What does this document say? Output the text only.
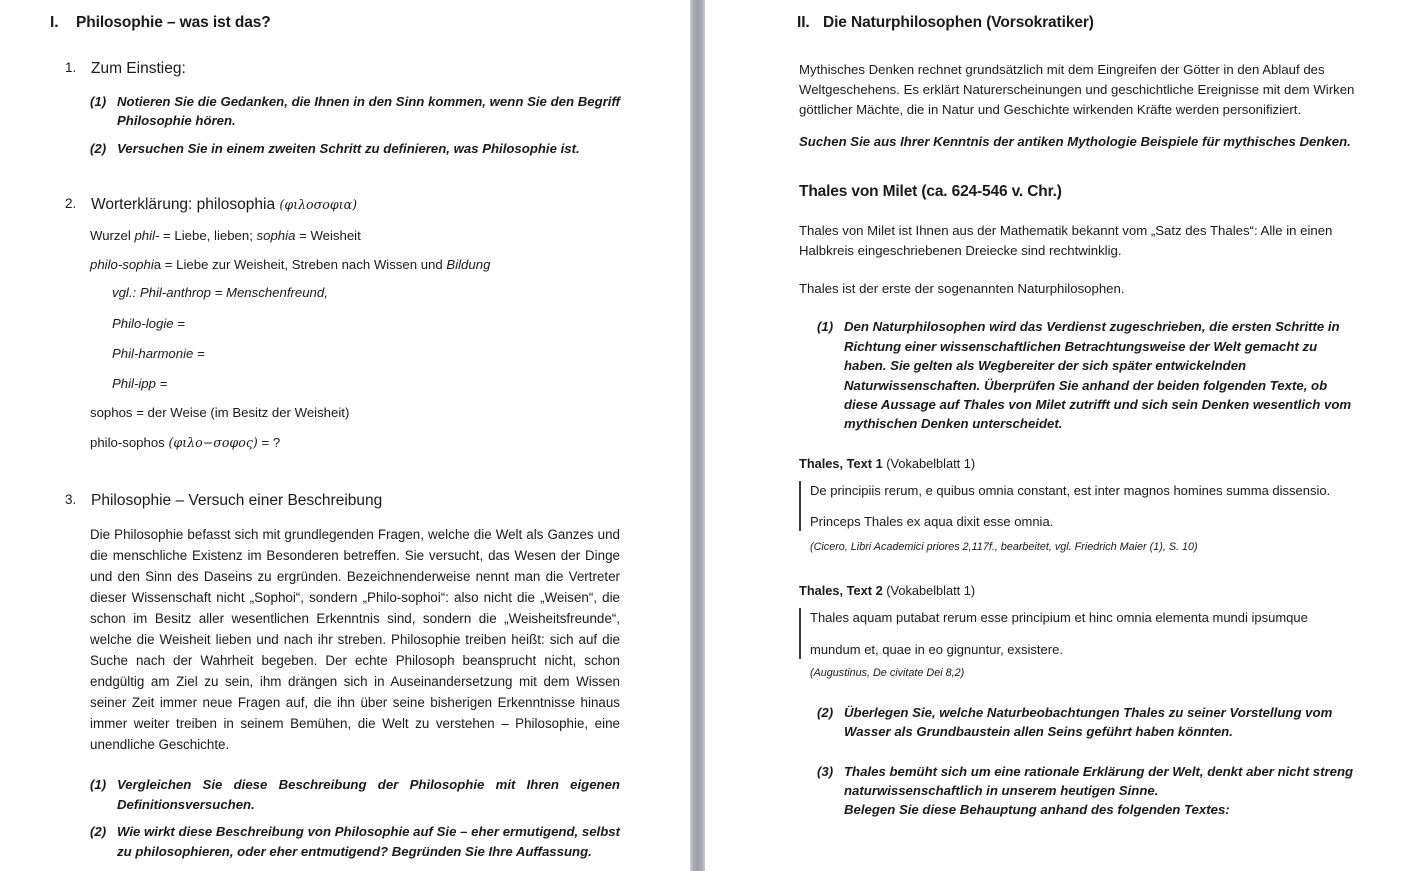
I. Philosophie – was ist das?
1. Zum Einstieg:
(1) Notieren Sie die Gedanken, die Ihnen in den Sinn kommen, wenn Sie den Begriff Philosophie hören.
(2) Versuchen Sie in einem zweiten Schritt zu definieren, was Philosophie ist.
2. Worterklärung: philosophia (φιλοσοφια)
Wurzel phil- = Liebe, lieben; sophia = Weisheit
philo-sophia = Liebe zur Weisheit, Streben nach Wissen und Bildung
vgl.: Phil-anthrop = Menschenfreund,
Philo-logie =
Phil-harmonie =
Phil-ipp =
sophos = der Weise (im Besitz der Weisheit)
philo-sophos (φιλο−σοφος) = ?
3. Philosophie – Versuch einer Beschreibung
Die Philosophie befasst sich mit grundlegenden Fragen, welche die Welt als Ganzes und die menschliche Existenz im Besonderen betreffen. Sie versucht, das Wesen der Dinge und den Sinn des Daseins zu ergründen. Bezeichnenderweise nennt man die Vertreter dieser Wissenschaft nicht „Sophoi“, sondern „Philo-sophoi“: also nicht die „Weisen“, die schon im Besitz aller wesentlichen Erkenntnis sind, sondern die „Weisheitsfreunde“, welche die Weisheit lieben und nach ihr streben. Philosophie treiben heißt: sich auf die Suche nach der Wahrheit begeben. Der echte Philosoph beansprucht nicht, schon endgültig am Ziel zu sein, ihm drängen sich in Auseinandersetzung mit dem Wissen seiner Zeit immer neue Fragen auf, die ihn über seine bisherigen Erkenntnisse hinaus immer weiter treiben in seinem Bemühen, die Welt zu verstehen – Philosophie, eine unendliche Geschichte.
(1) Vergleichen Sie diese Beschreibung der Philosophie mit Ihren eigenen Definitionsversuchen.
(2) Wie wirkt diese Beschreibung von Philosophie auf Sie – eher ermutigend, selbst zu philosophieren, oder eher entmutigend? Begründen Sie Ihre Auffassung.
II. Die Naturphilosophen (Vorsokratiker)
Mythisches Denken rechnet grundsätzlich mit dem Eingreifen der Götter in den Ablauf des Weltgeschehens. Es erklärt Naturerscheinungen und geschichtliche Ereignisse mit dem Wirken göttlicher Mächte, die in Natur und Geschichte wirkenden Kräfte werden personifiziert.
Suchen Sie aus Ihrer Kenntnis der antiken Mythologie Beispiele für mythisches Denken.
Thales von Milet (ca. 624-546 v. Chr.)
Thales von Milet ist Ihnen aus der Mathematik bekannt vom „Satz des Thales“: Alle in einen Halbkreis eingeschriebenen Dreiecke sind rechtwinklig.
Thales ist der erste der sogenannten Naturphilosophen.
(1) Den Naturphilosophen wird das Verdienst zugeschrieben, die ersten Schritte in Richtung einer wissenschaftlichen Betrachtungsweise der Welt gemacht zu haben. Sie gelten als Wegbereiter der sich später entwickelnden Naturwissenschaften. Überprüfen Sie anhand der beiden folgenden Texte, ob diese Aussage auf Thales von Milet zutrifft und sich sein Denken wesentlich vom mythischen Denken unterscheidet.
Thales, Text 1 (Vokabelblatt 1)

De principiis rerum, e quibus omnia constant, est inter magnos homines summa dissensio.

Princeps Thales ex aqua dixit esse omnia.

(Cicero, Libri Academici priores 2,117f., bearbeitet, vgl. Friedrich Maier (1), S. 10)
Thales, Text 2 (Vokabelblatt 1)

Thales aquam putabat rerum esse principium et hinc omnia elementa mundi ipsumque

mundum et, quae in eo gignuntur, exsistere.

(Augustinus, De civitate Dei 8,2)
(2) Überlegen Sie, welche Naturbeobachtungen Thales zu seiner Vorstellung vom Wasser als Grundbaustein allen Seins geführt haben könnten.
(3) Thales bemüht sich um eine rationale Erklärung der Welt, denkt aber nicht streng naturwissenschaftlich in unserem heutigen Sinne.
Belegen Sie diese Behauptung anhand des folgenden Textes:
